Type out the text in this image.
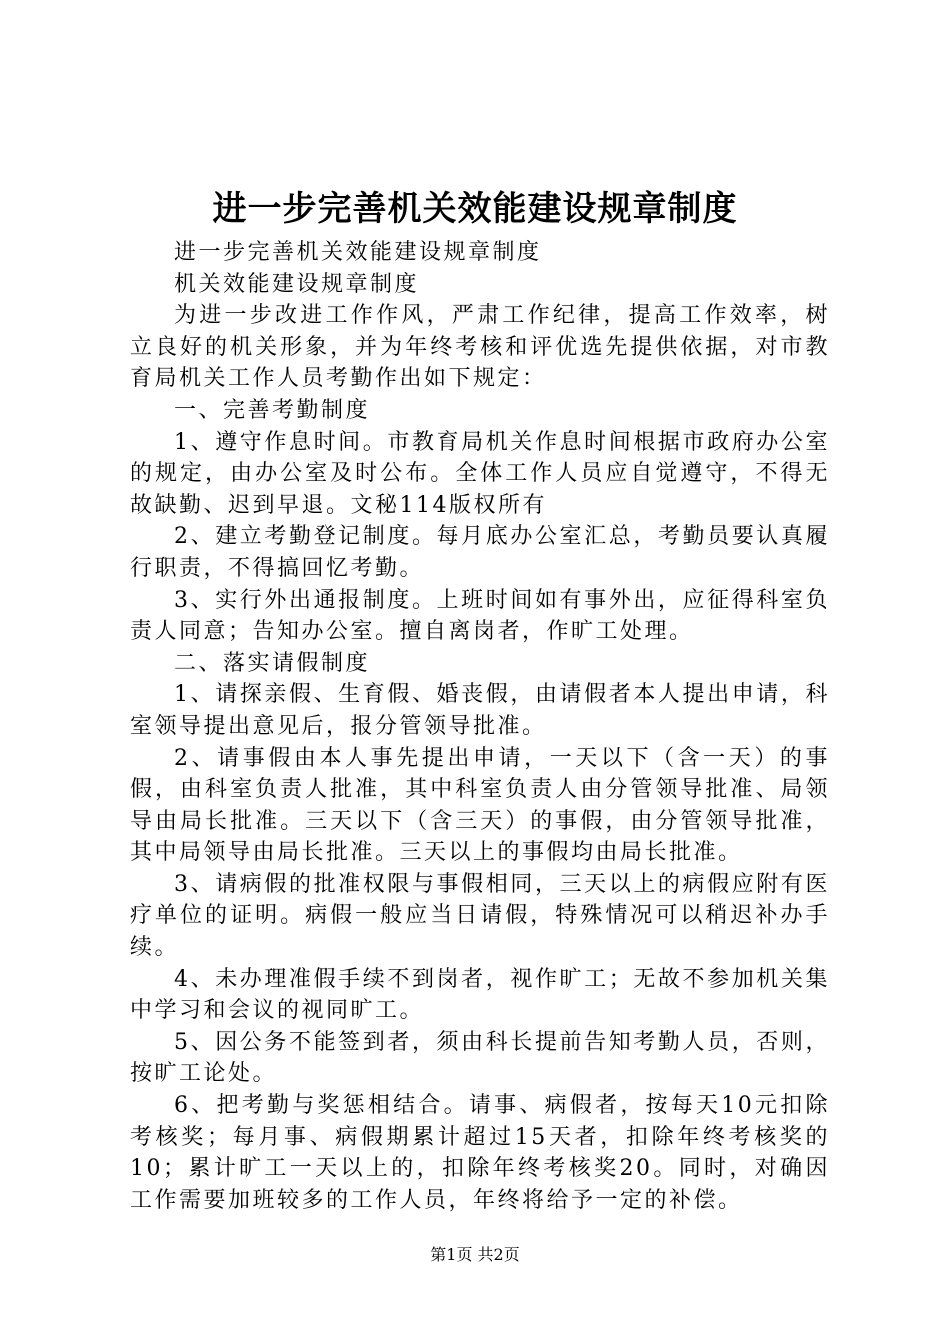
进一步完善机关效能建设规章制度

进一步完善机关效能建设规章制度

机关效能建设规章制度

为进一步改进工作作风，严肃工作纪律，提高工作效率，树立良好的机关形象，并为年终考核和评优选先提供依据，对市教育局机关工作人员考勤作出如下规定：

一、完善考勤制度

1、遵守作息时间。市教育局机关作息时间根据市政府办公室的规定，由办公室及时公布。全体工作人员应自觉遵守，不得无故缺勤、迟到早退。文秘114版权所有

2、建立考勤登记制度。每月底办公室汇总，考勤员要认真履行职责，不得搞回忆考勤。

3、实行外出通报制度。上班时间如有事外出，应征得科室负责人同意；告知办公室。擅自离岗者，作旷工处理。

二、落实请假制度

1、请探亲假、生育假、婚丧假，由请假者本人提出申请，科室领导提出意见后，报分管领导批准。

2、请事假由本人事先提出申请，一天以下（含一天）的事假，由科室负责人批准，其中科室负责人由分管领导批准、局领导由局长批准。三天以下（含三天）的事假，由分管领导批准，其中局领导由局长批准。三天以上的事假均由局长批准。

3、请病假的批准权限与事假相同，三天以上的病假应附有医疗单位的证明。病假一般应当日请假，特殊情况可以稍迟补办手续。

4、未办理准假手续不到岗者，视作旷工；无故不参加机关集中学习和会议的视同旷工。

5、因公务不能签到者，须由科长提前告知考勤人员，否则，按旷工论处。

6、把考勤与奖惩相结合。请事、病假者，按每天10元扣除考核奖；每月事、病假期累计超过15天者，扣除年终考核奖的10；累计旷工一天以上的，扣除年终考核奖20。同时，对确因工作需要加班较多的工作人员，年终将给予一定的补偿。

第1页 共2页
